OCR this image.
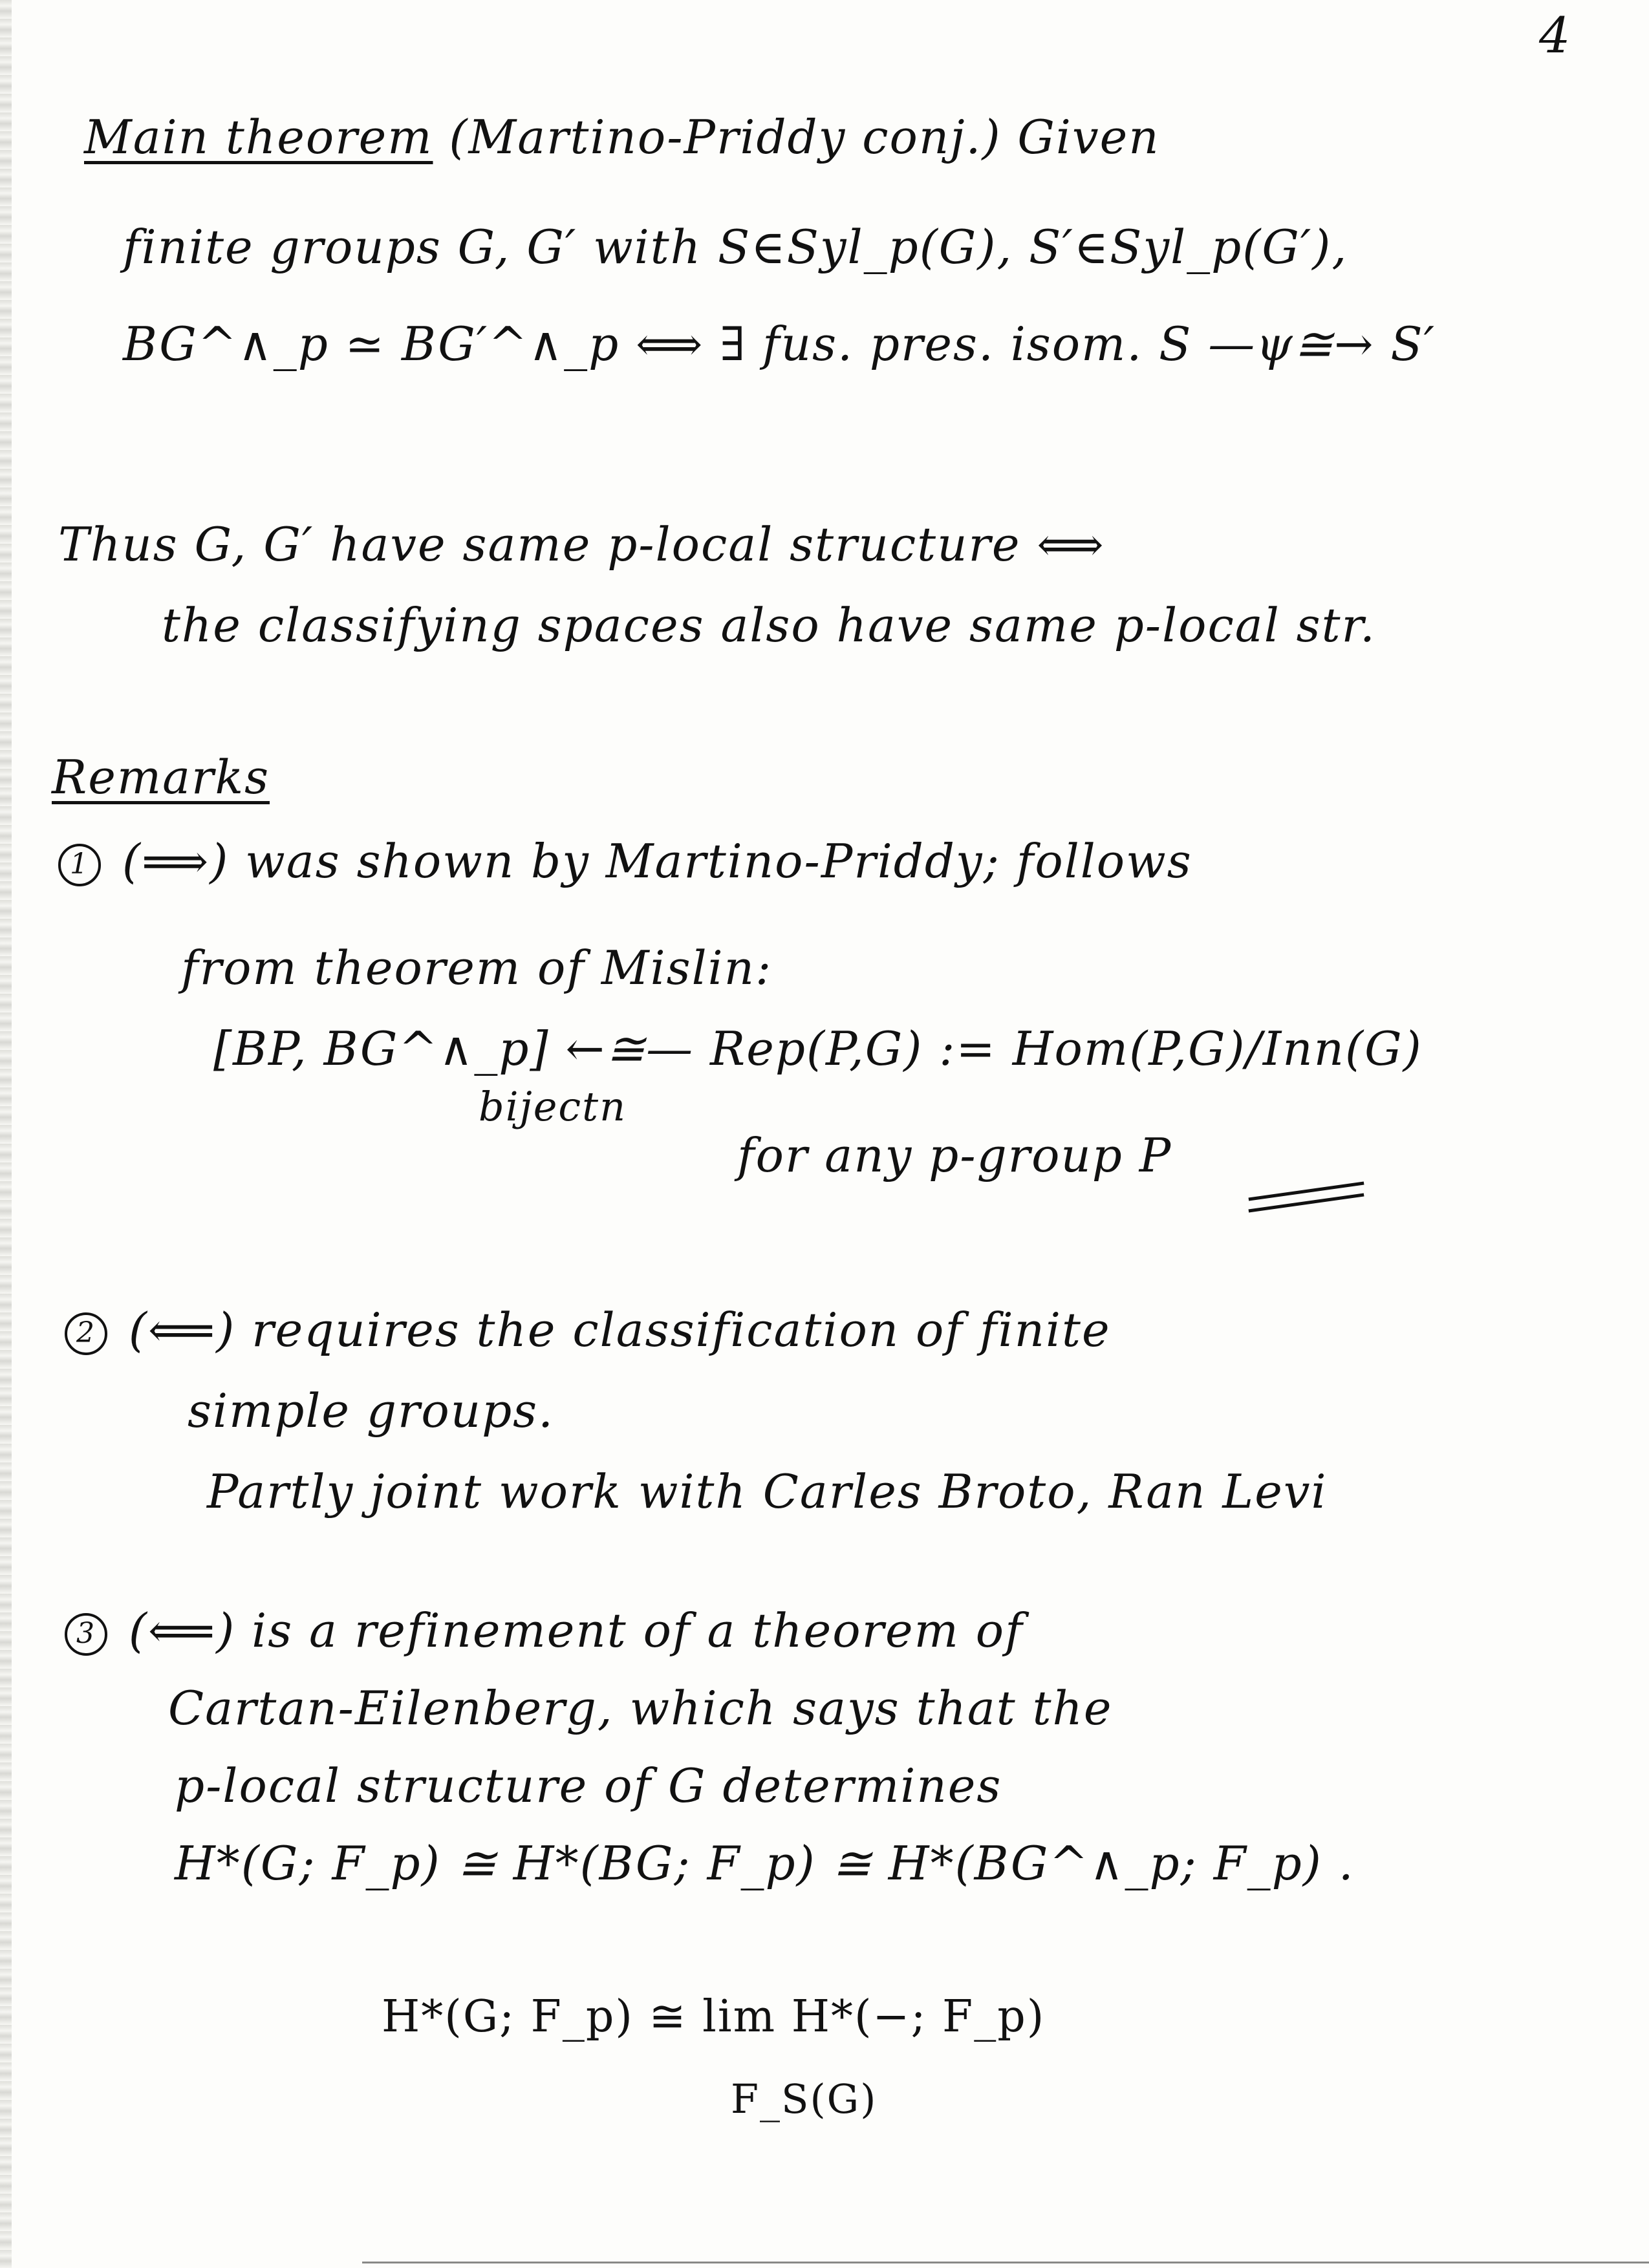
4
Main theorem (Martino-Priddy conj.) Given
finite groups G, G′ with S∈Syl_p(G), S′∈Syl_p(G′),
BG^∧_p ≃ BG′^∧_p ⟺ ∃ fus. pres. isom. S —ψ≅→ S′
Thus G, G′ have same p-local structure ⟺
the classifying spaces also have same p-local str.
Remarks
1 (⟹) was shown by Martino-Priddy; follows
from theorem of Mislin:
[BP, BG^∧_p] ←≅— Rep(P,G) := Hom(P,G)/Inn(G)
bijectn
for any p-group P
2 (⟸) requires the classification of finite
simple groups.
Partly joint work with Carles Broto, Ran Levi
3 (⟸) is a refinement of a theorem of
Cartan-Eilenberg, which says that the
p-local structure of G determines
H*(G; F_p) ≅ H*(BG; F_p) ≅ H*(BG^∧_p; F_p) .
H*(G; F_p) ≅ lim H*(−; F_p)
F_S(G)
